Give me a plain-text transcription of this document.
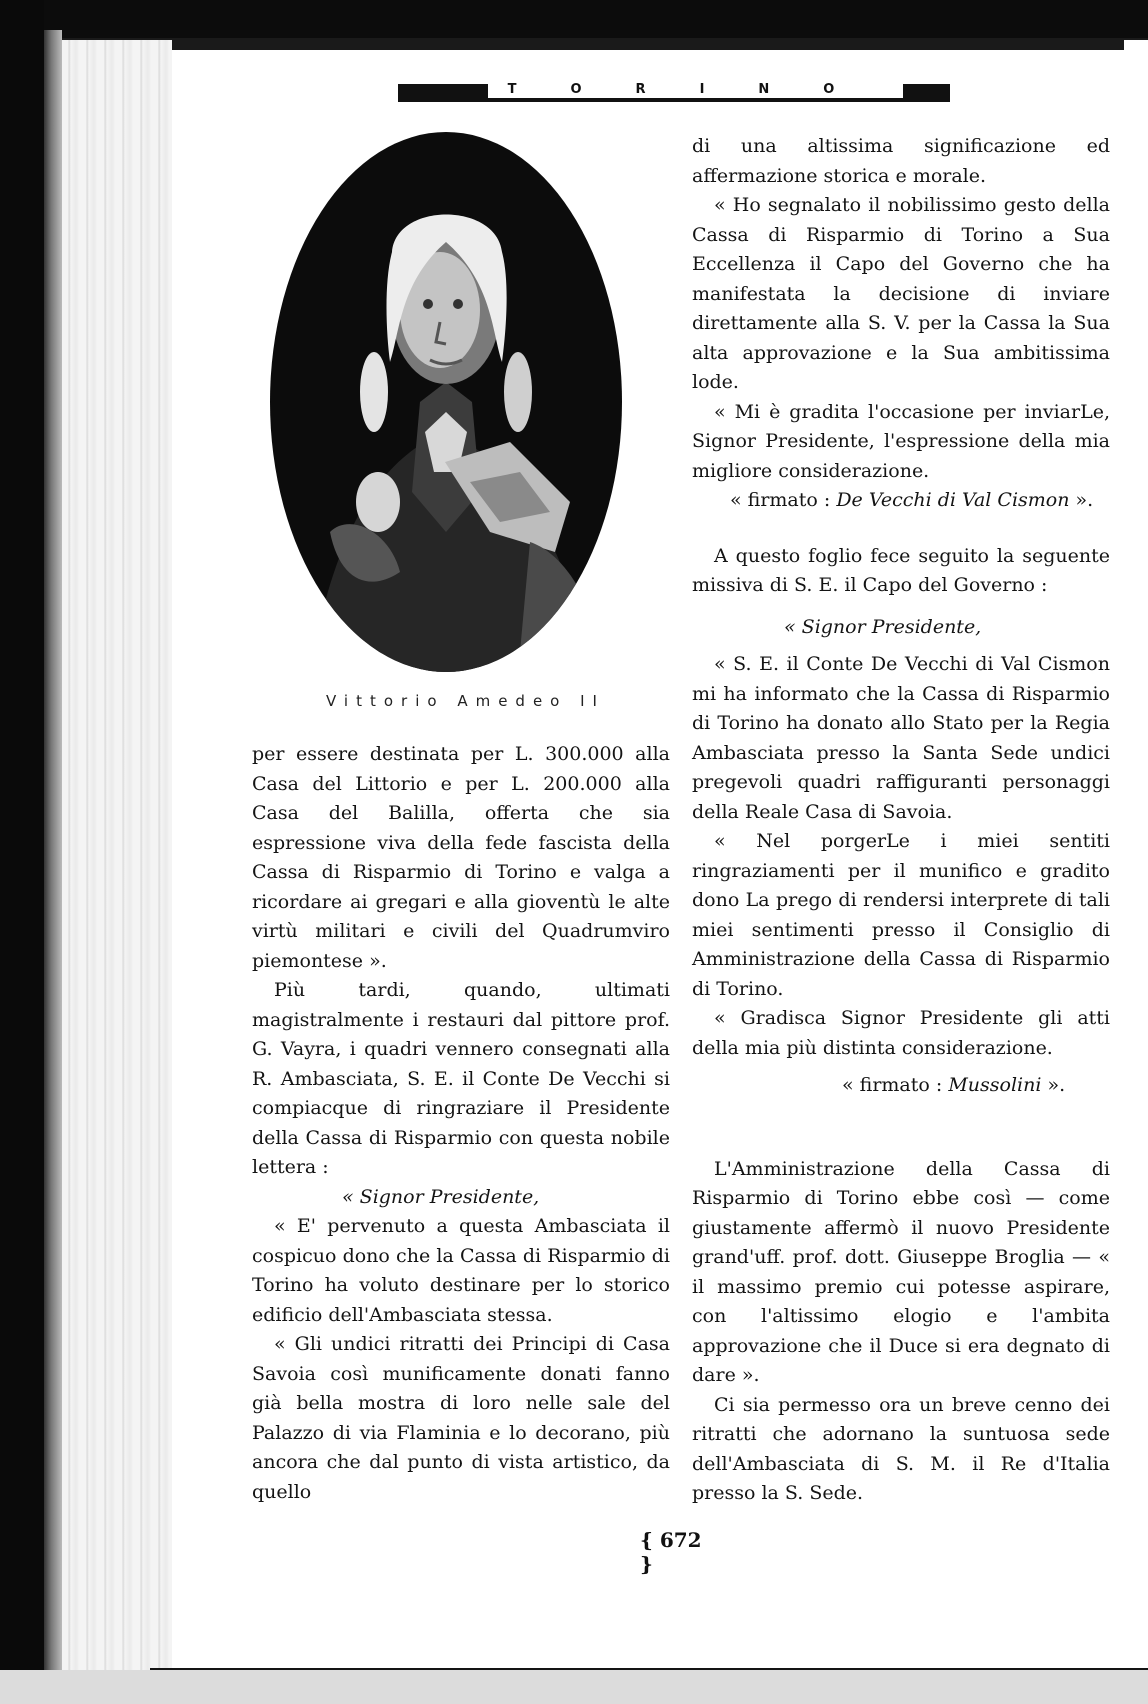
TORINO
Vittorio Amedeo II

per essere destinata per L. 300.000 alla Casa del Littorio e per L. 200.000 alla Casa del Balilla, offerta che sia espressione viva della fede fascista della Cassa di Risparmio di Torino e valga a ricordare ai gregari e alla gioventù le alte virtù militari e civili del Quadrumviro piemontese ».

Più tardi, quando, ultimati magistralmente i restauri dal pittore prof. G. Vayra, i quadri vennero consegnati alla R. Ambasciata, S. E. il Conte De Vecchi si compiacque di ringraziare il Presidente della Cassa di Risparmio con questa nobile lettera :

« Signor Presidente,

« E' pervenuto a questa Ambasciata il cospicuo dono che la Cassa di Risparmio di Torino ha voluto destinare per lo storico edificio dell'Ambasciata stessa.

« Gli undici ritratti dei Principi di Casa Savoia così munificamente donati fanno già bella mostra di loro nelle sale del Palazzo di via Flaminia e lo decorano, più ancora che dal punto di vista artistico, da quello

di una altissima significazione ed affermazione storica e morale.

« Ho segnalato il nobilissimo gesto della Cassa di Risparmio di Torino a Sua Eccellenza il Capo del Governo che ha manifestata la decisione di inviare direttamente alla S. V. per la Cassa la Sua alta approvazione e la Sua ambitissima lode.

« Mi è gradita l'occasione per inviarLe, Signor Presidente, l'espressione della mia migliore considerazione.

« firmato : De Vecchi di Val Cismon ».

A questo foglio fece seguito la seguente missiva di S. E. il Capo del Governo :

« Signor Presidente,

« S. E. il Conte De Vecchi di Val Cismon mi ha informato che la Cassa di Risparmio di Torino ha donato allo Stato per la Regia Ambasciata presso la Santa Sede undici pregevoli quadri raffiguranti personaggi della Reale Casa di Savoia.

« Nel porgerLe i miei sentiti ringraziamenti per il munifico e gradito dono La prego di rendersi interprete di tali miei sentimenti presso il Consiglio di Amministrazione della Cassa di Risparmio di Torino.

« Gradisca Signor Presidente gli atti della mia più distinta considerazione.

« firmato : Mussolini ».

L'Amministrazione della Cassa di Risparmio di Torino ebbe così — come giustamente affermò il nuovo Presidente grand'uff. prof. dott. Giuseppe Broglia — « il massimo premio cui potesse aspirare, con l'altissimo elogio e l'ambita approvazione che il Duce si era degnato di dare ».

Ci sia permesso ora un breve cenno dei ritratti che adornano la suntuosa sede dell'Ambasciata di S. M. il Re d'Italia presso la S. Sede.

{ 672 }
